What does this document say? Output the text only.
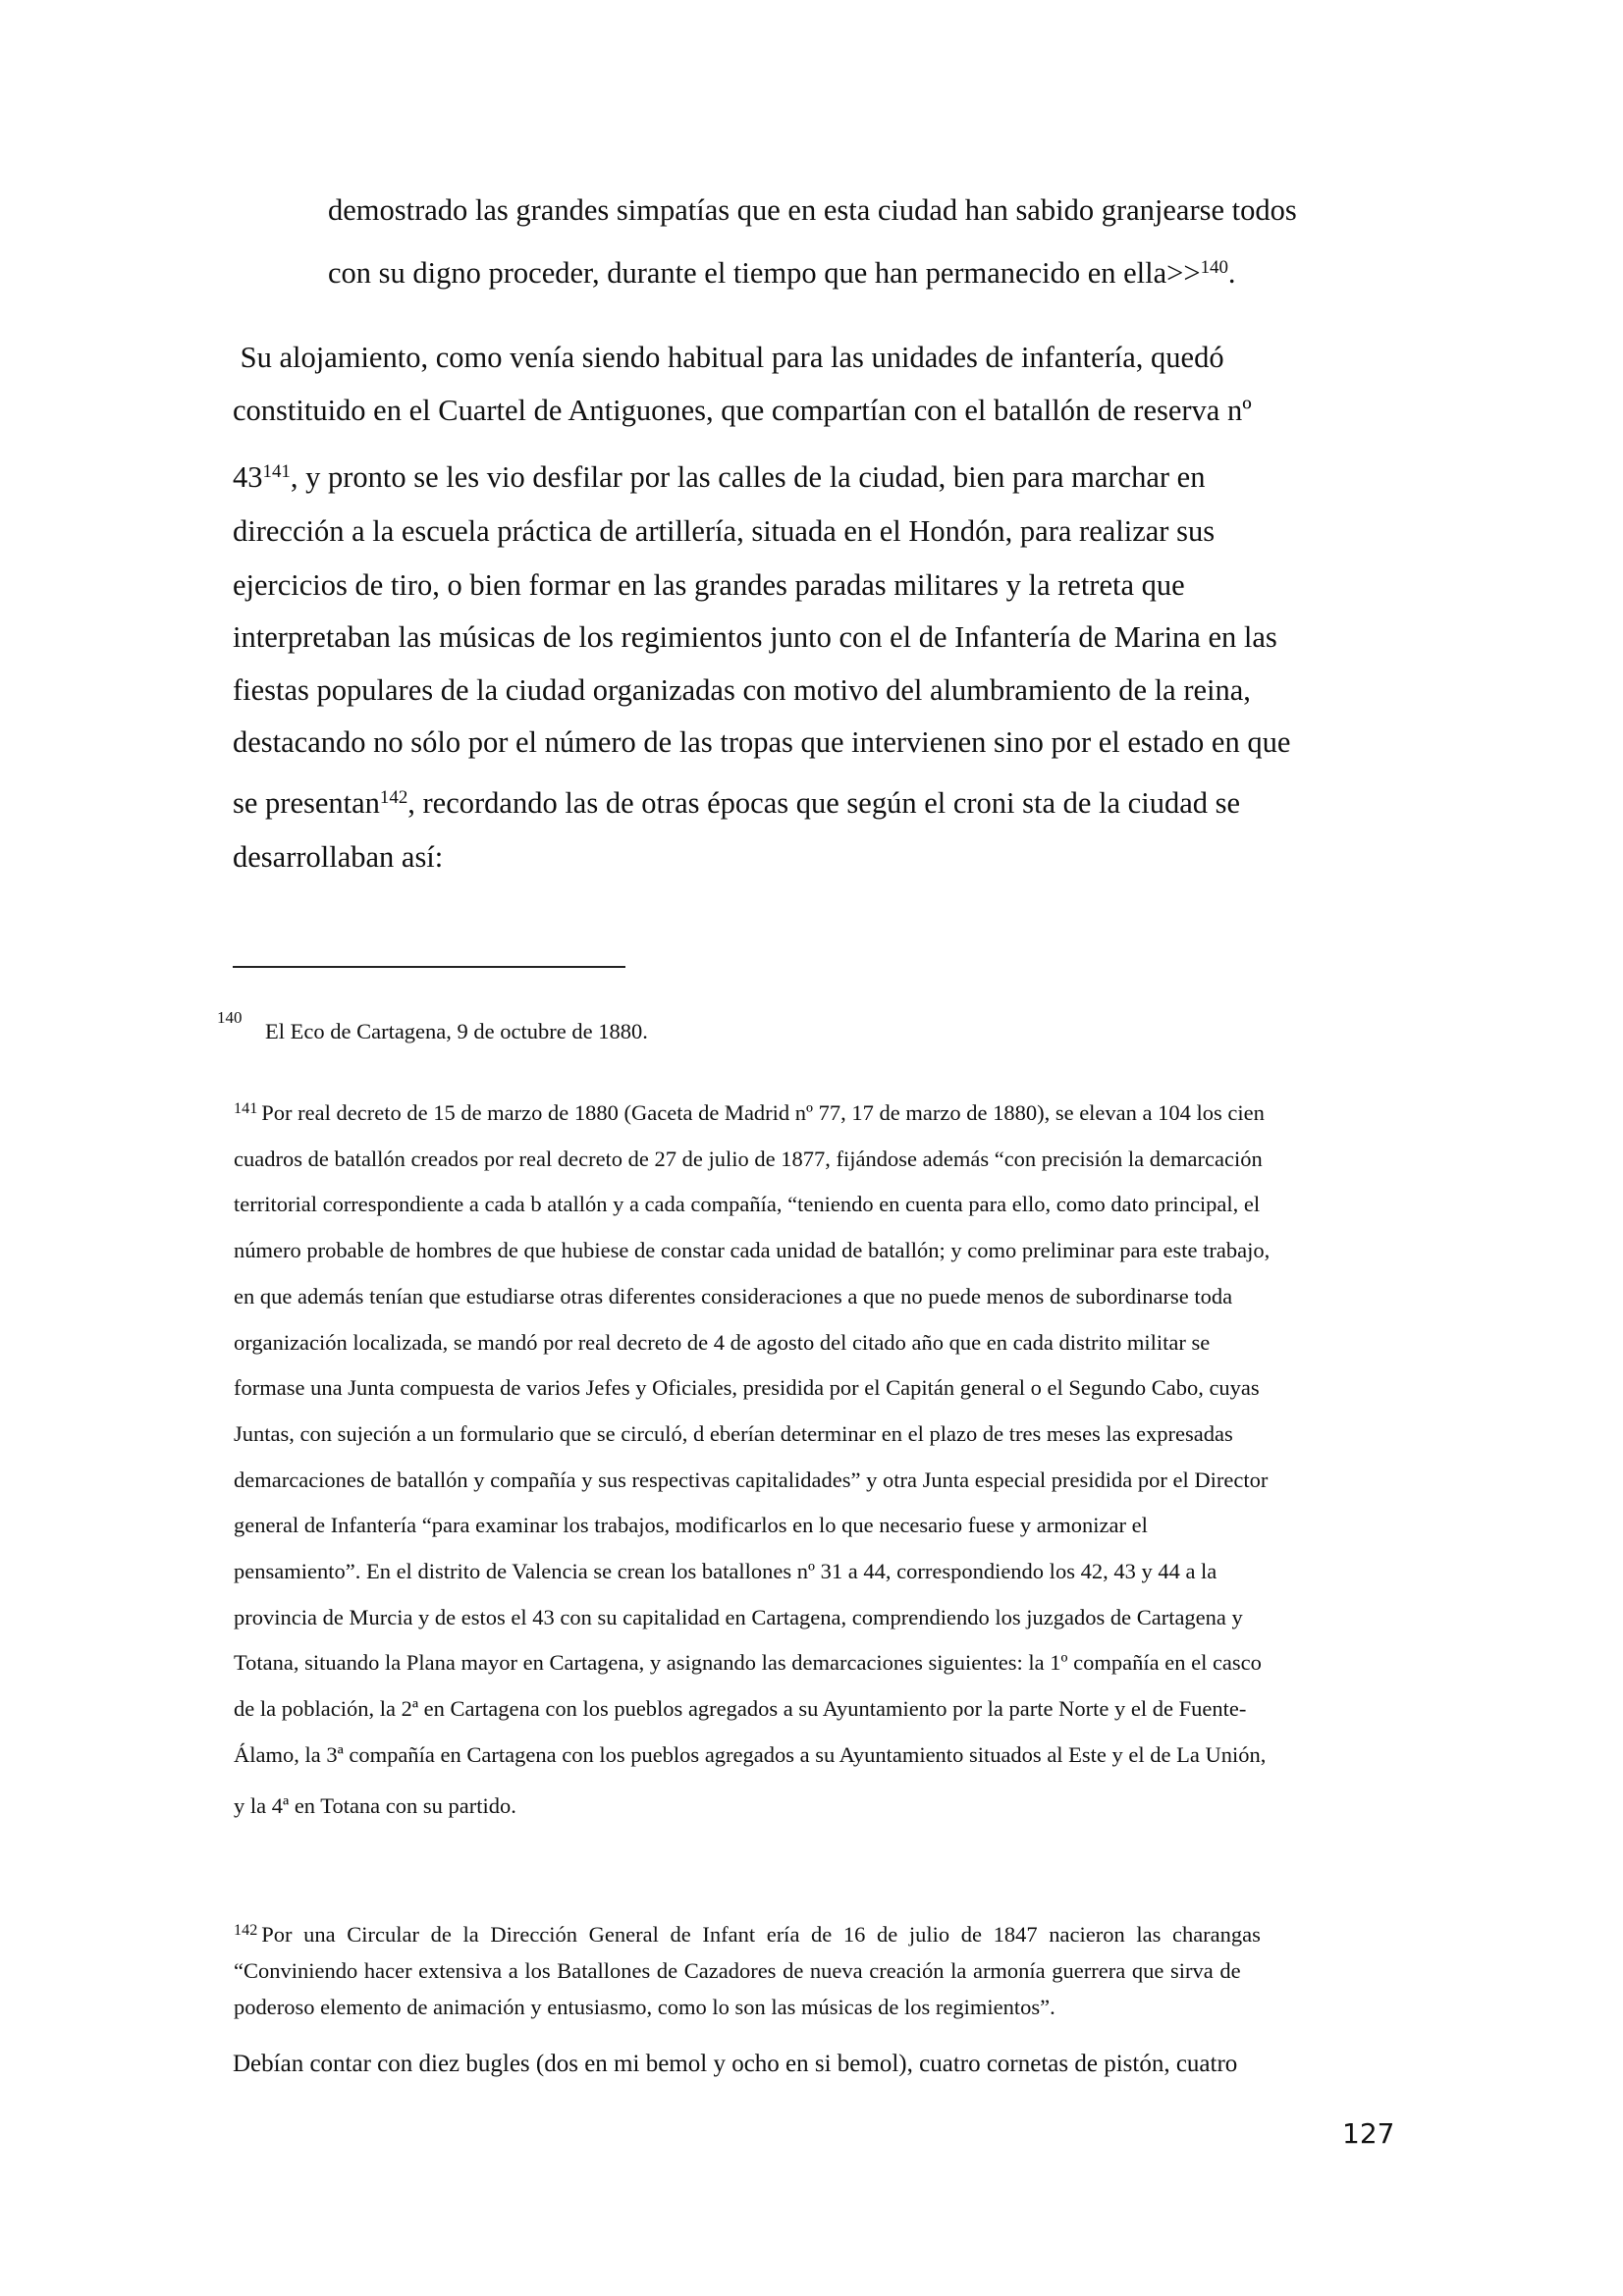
demostrado las grandes simpatías que en esta ciudad han sabido granjearse todos
con su digno proceder, durante el tiempo que han permanecido en ella>>$^{140}$.
Su alojamiento, como venía siendo habitual para las unidades de infantería, quedó
constituido en el Cuartel de Antiguones, que compartían con el batallón de reserva nº
$43^{141}$, y pronto se les vio desfilar por las calles de la ciudad, bien para marchar en
dirección a la escuela práctica de artillería, situada en el Hondón, para realizar sus
ejercicios de tiro, o bien formar en las grandes paradas militares y la retreta que
interpretaban las músicas de los regimientos junto con el de Infantería de Marina en las
fiestas populares de la ciudad organizadas con motivo del alumbramiento de la reina,
destacando no sólo por el número de las tropas que intervienen sino por el estado en que
se presentan$^{142}$, recordando las de otras épocas que según el croni sta de la ciudad se
desarrollaban así:
140
El Eco de Cartagena, 9 de octubre de 1880.
$^{141}$ Por real decreto de 15 de marzo de 1880 (Gaceta de Madrid nº 77, 17 de marzo de 1880), se elevan a 104 los cien
cuadros de batallón creados por real decreto de 27 de julio de 1877, fijándose además “con precisión la demarcación
territorial correspondiente a cada b atallón y a cada compañía, “teniendo en cuenta para ello, como dato principal, el
número probable de hombres de que hubiese de constar cada unidad de batallón; y como preliminar para este trabajo,
en que además tenían que estudiarse otras diferentes consideraciones a que no puede menos de subordinarse toda
organización localizada, se mandó por real decreto de 4 de agosto del citado año que en cada distrito militar se
formase una Junta compuesta de varios Jefes y Oficiales, presidida por el Capitán general o el Segundo Cabo, cuyas
Juntas, con sujeción a un formulario que se circuló, d eberían determinar en el plazo de tres meses las expresadas
demarcaciones de batallón y compañía y sus respectivas capitalidades” y otra Junta especial presidida por el Director
general de Infantería “para examinar los trabajos, modificarlos en lo que necesario fuese y armonizar el
pensamiento”. En el distrito de Valencia se crean los batallones nº 31 a 44, correspondiendo los 42, 43 y 44 a la
provincia de Murcia y de estos el 43 con su capitalidad en Cartagena, comprendiendo los juzgados de Cartagena y
Totana, situando la Plana mayor en Cartagena, y asignando las demarcaciones siguientes: la 1º compañía en el casco
de la población, la 2ª en Cartagena con los pueblos agregados a su Ayuntamiento por la parte Norte y el de Fuente-
Álamo, la 3ª compañía en Cartagena con los pueblos agregados a su Ayuntamiento situados al Este y el de La Unión,
y la 4ª en Totana con su partido.
$^{142}$ Por una Circular de la Dirección General de Infant ería de 16 de julio de 1847 nacieron las charangas
“Conviniendo hacer extensiva a los Batallones de Cazadores de nueva creación la armonía guerrera que sirva de
poderoso elemento de animación y entusiasmo, como lo son las músicas de los regimientos”.
Debían contar con diez bugles (dos en mi bemol y ocho en si bemol), cuatro cornetas de pistón, cuatro
127
